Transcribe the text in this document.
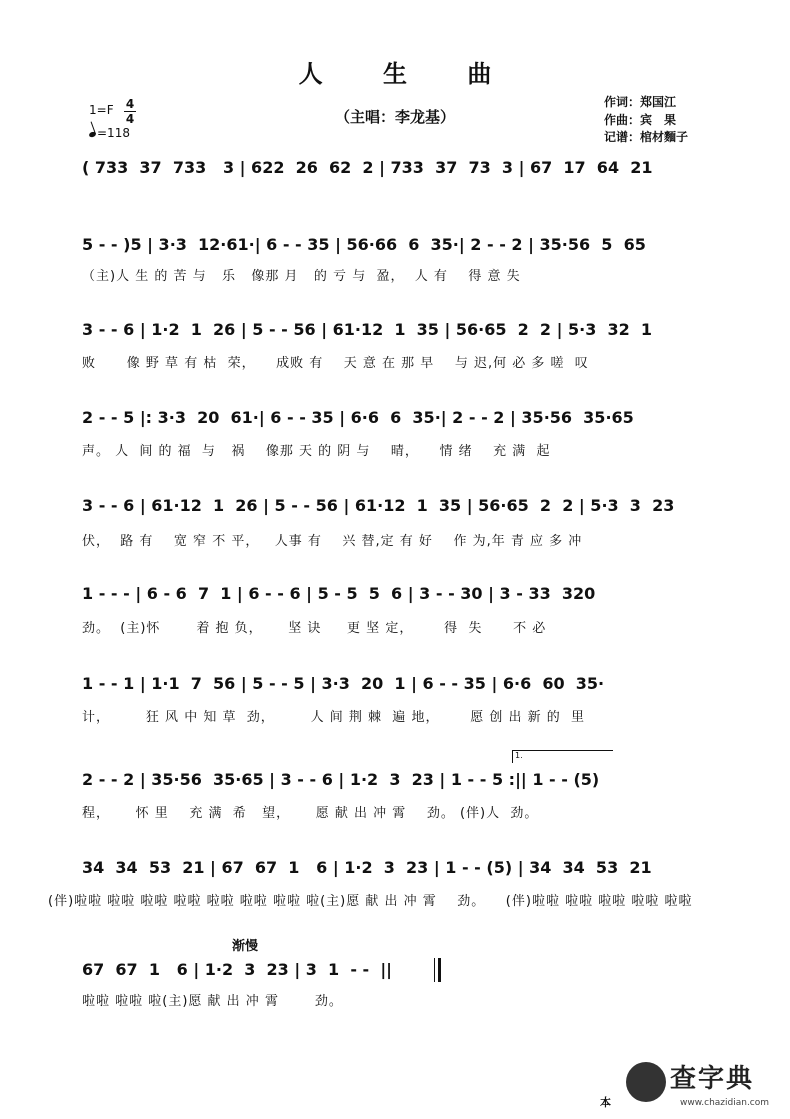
人 生 曲
（主唱：李龙基）
1=F 4
4
=118
作词：郑国江
作曲：宾　果
记谱：棺材麵子
( 733  37  733   3 | 622  26  62  2 | 733  37  73  3 | 67  17  64  21
5 - - )5 | 3·3  12·61·| 6 - - 35 | 56·66  6  35·| 2 - - 2 | 35·56  5  65
（主)人 生 的 苦 与   乐   像那 月   的 亏 与  盈，  人 有    得 意 失
3 - - 6 | 1·2  1  26 | 5 - - 56 | 61·12  1  35 | 56·65  2  2 | 5·3  32  1
败      像 野 草 有 枯  荣，    成败 有    天 意 在 那 早    与 迟,何 必 多 嗟  叹
2 - - 5 |: 3·3  20  61·| 6 - - 35 | 6·6  6  35·| 2 - - 2 | 35·56  35·65
声。 人  间 的 福  与   祸    像那 天 的 阴 与    晴，    情 绪    充 满  起
3 - - 6 | 61·12  1  26 | 5 - - 56 | 61·12  1  35 | 56·65  2  2 | 5·3  3  23
伏，  路 有    宽 窄 不 平，   人事 有    兴 替,定 有 好    作 为,年 青 应 多 冲
1 - - - | 6 - 6  7  1 | 6 - - 6 | 5 - 5  5  6 | 3 - - 30 | 3 - 33  320
劲。  (主)怀       着 抱 负，     坚 诀     更 坚 定，      得  失      不 必
1 - - 1 | 1·1  7  56 | 5 - - 5 | 3·3  20  1 | 6 - - 35 | 6·6  60  35·
计，       狂 风 中 知 草  劲，       人 间 荆 棘  遍 地，      愿 创 出 新 的  里
2 - - 2 | 35·56  35·65 | 3 - - 6 | 1·2  3  23 | 1 - - 5 :|| 1 - - (5)
程，     怀 里    充 满  希   望，     愿 献 出 冲 霄    劲。 (伴)人  劲。
34  34  53  21 | 67  67  1   6 | 1·2  3  23 | 1 - - (5) | 34  34  53  21
(伴)啦啦 啦啦 啦啦 啦啦 啦啦 啦啦 啦啦 啦(主)愿 献 出 冲 霄    劲。    (伴)啦啦 啦啦 啦啦 啦啦 啦啦
67  67  1   6 | 1·2  3  23 | 3  1  - -  ||
啦啦 啦啦 啦(主)愿 献 出 冲 霄       劲。
1.
渐慢
本
查字典
www.chazidian.com
